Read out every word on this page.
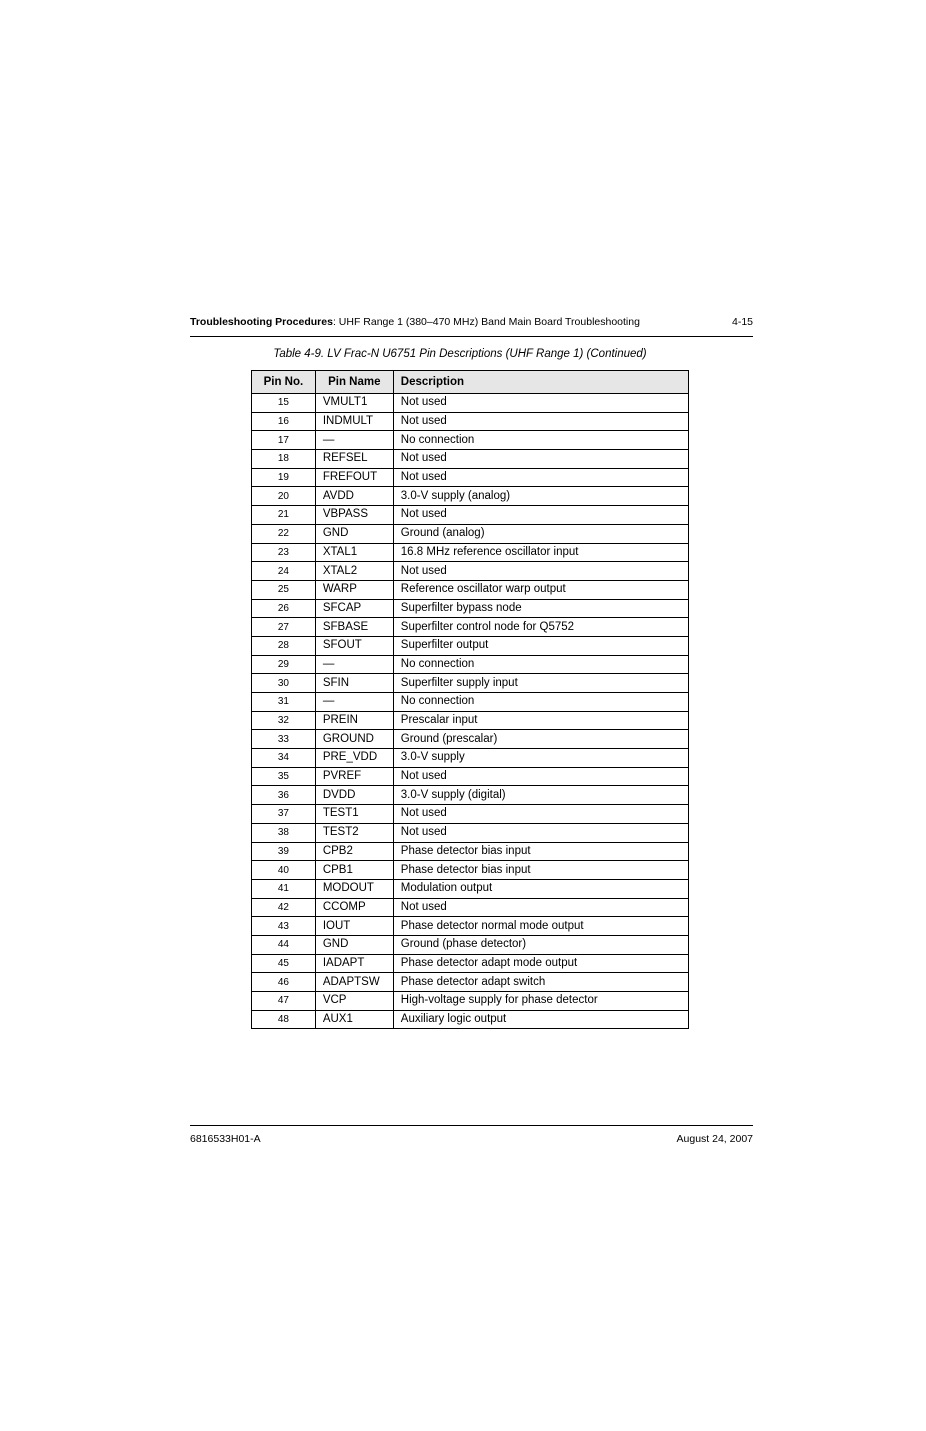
Troubleshooting Procedures: UHF Range 1 (380–470 MHz) Band Main Board Troubleshooting	4-15
Table 4-9. LV Frac-N U6751 Pin Descriptions (UHF Range 1) (Continued)
Pin No.	Pin Name	Description
15	VMULT1	Not used
16	INDMULT	Not used
17	—	No connection
18	REFSEL	Not used
19	FREFOUT	Not used
20	AVDD	3.0-V supply (analog)
21	VBPASS	Not used
22	GND	Ground (analog)
23	XTAL1	16.8 MHz reference oscillator input
24	XTAL2	Not used
25	WARP	Reference oscillator warp output
26	SFCAP	Superfilter bypass node
27	SFBASE	Superfilter control node for Q5752
28	SFOUT	Superfilter output
29	—	No connection
30	SFIN	Superfilter supply input
31	—	No connection
32	PREIN	Prescalar input
33	GROUND	Ground (prescalar)
34	PRE_VDD	3.0-V supply
35	PVREF	Not used
36	DVDD	3.0-V supply (digital)
37	TEST1	Not used
38	TEST2	Not used
39	CPB2	Phase detector bias input
40	CPB1	Phase detector bias input
41	MODOUT	Modulation output
42	CCOMP	Not used
43	IOUT	Phase detector normal mode output
44	GND	Ground (phase detector)
45	IADAPT	Phase detector adapt mode output
46	ADAPTSW	Phase detector adapt switch
47	VCP	High-voltage supply for phase detector
48	AUX1	Auxiliary logic output
6816533H01-A	August 24, 2007
